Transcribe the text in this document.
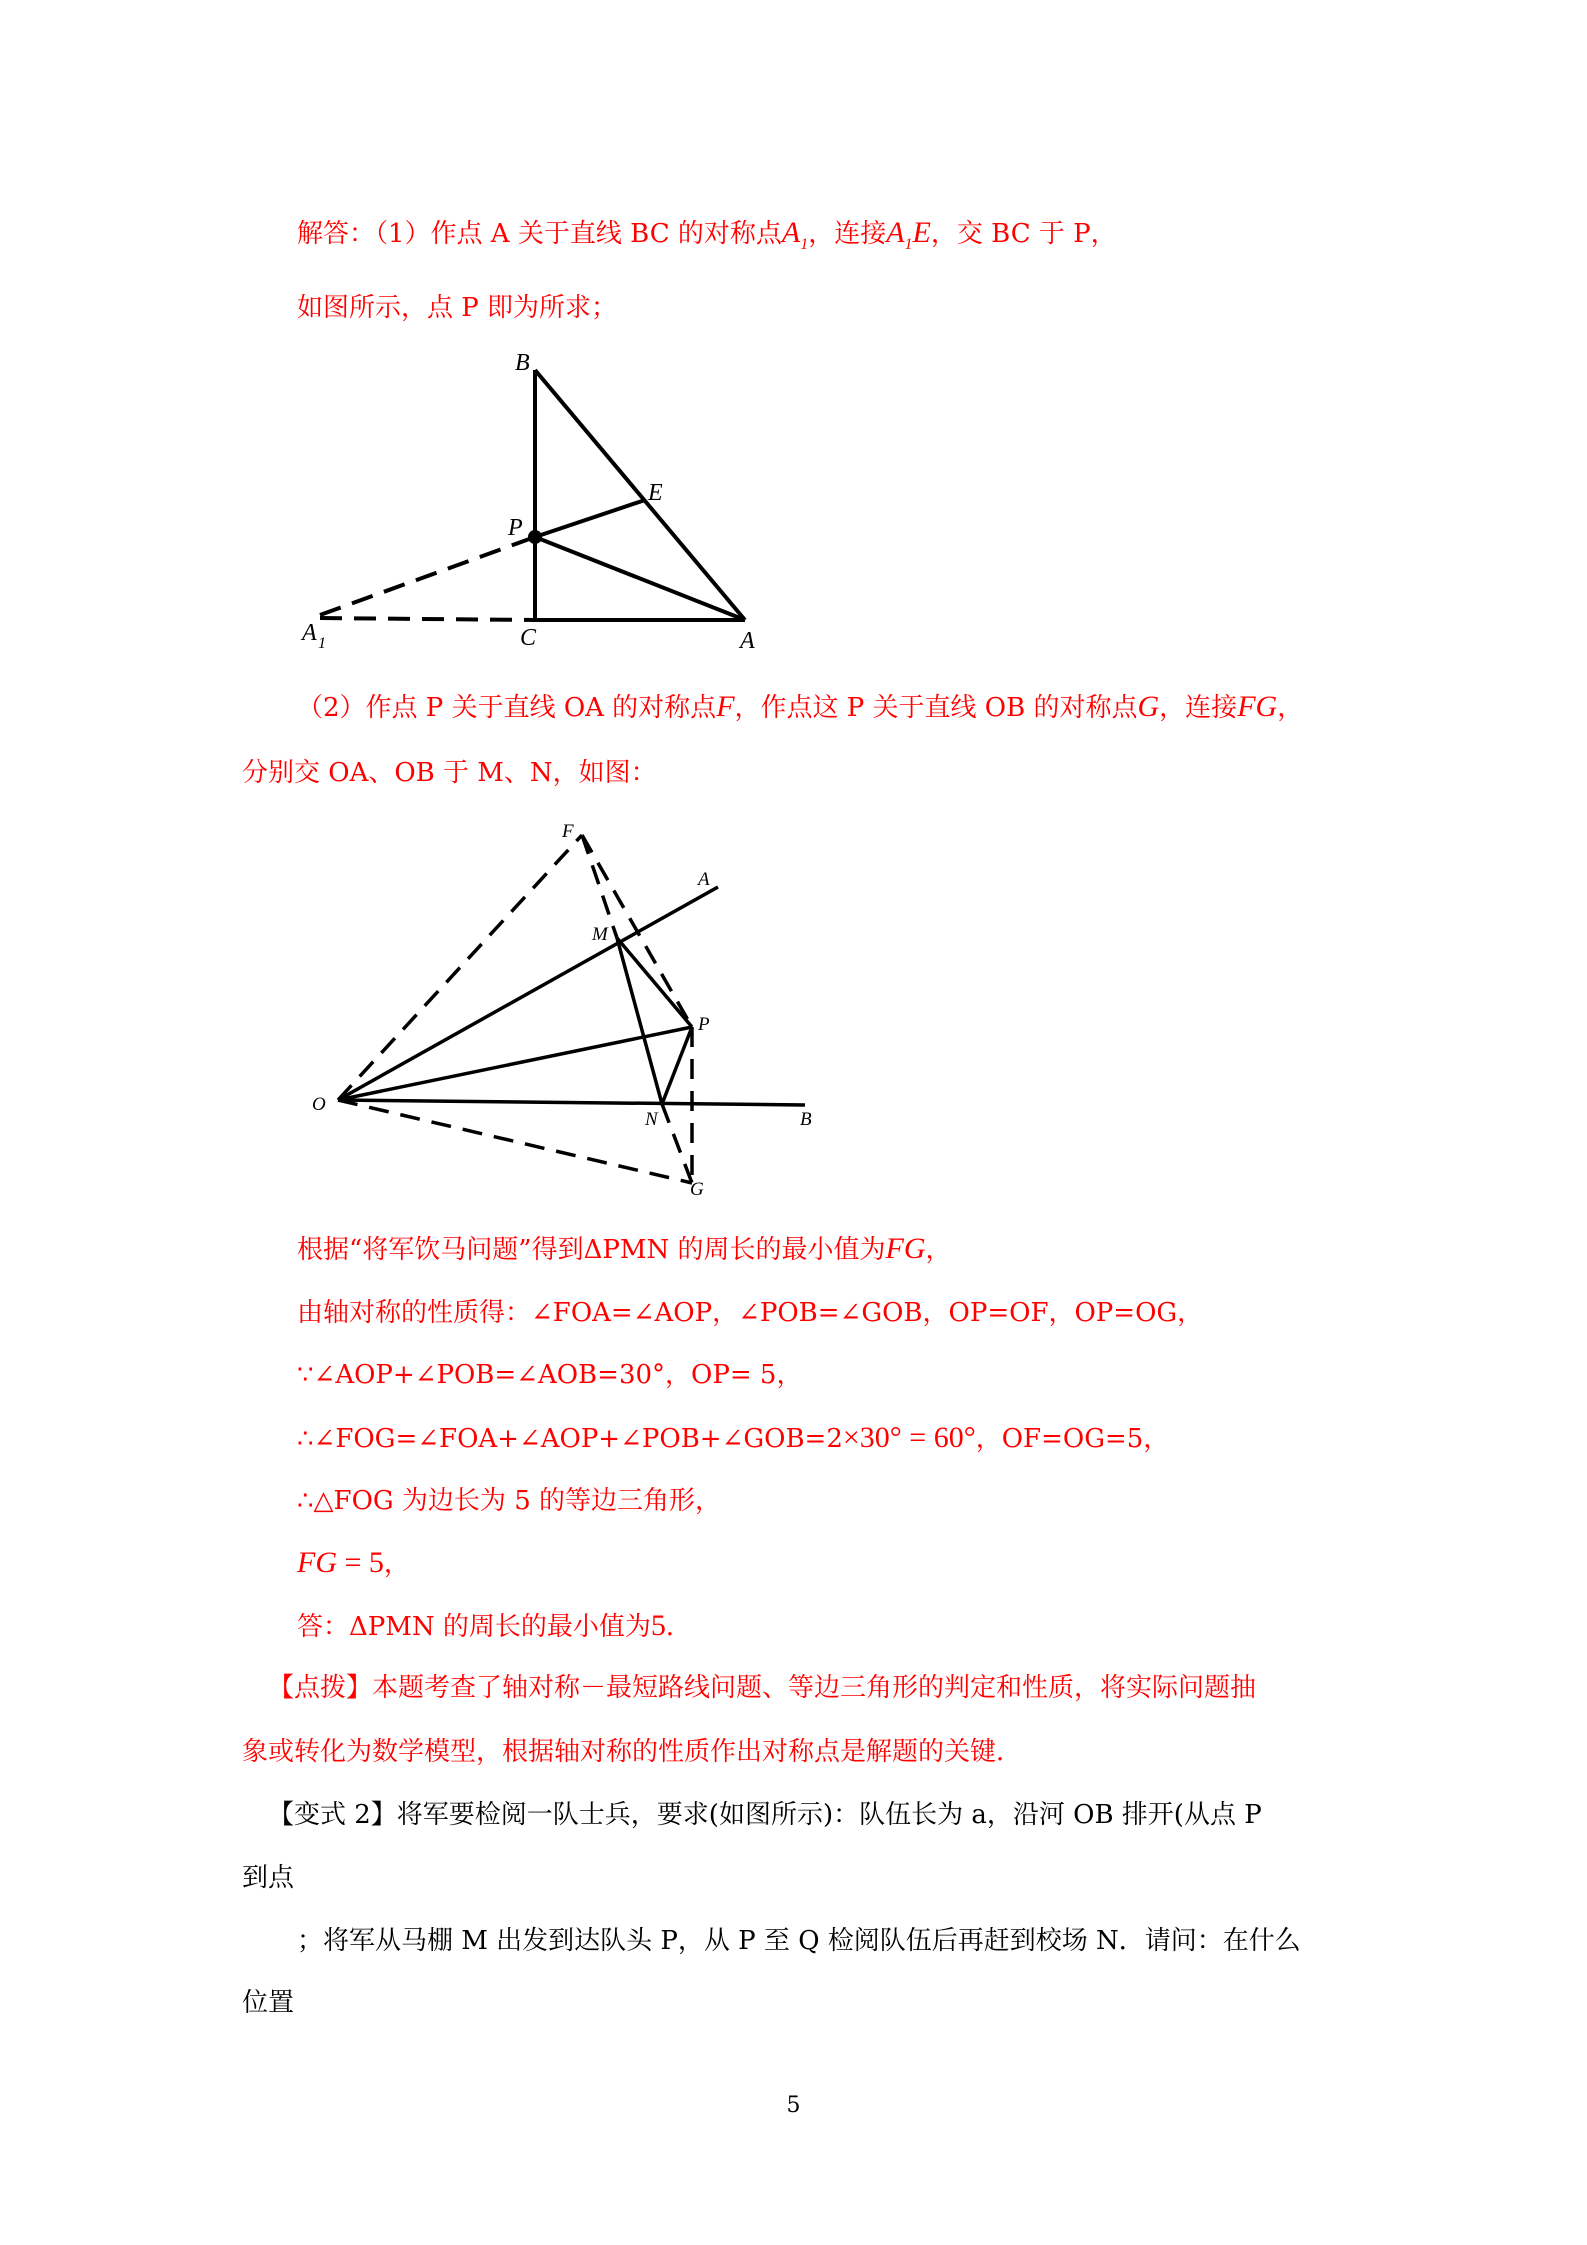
解答：（1）作点 A 关于直线 BC 的对称点$A_1$，连接$A_1E$，交 BC 于 P，
如图所示，点 P 即为所求；
B
E
P
A 1	C	A
（2）作点 P 关于直线 OA 的对称点F，作点这 P 关于直线 OB 的对称点G，连接FG，
分别交 OA、OB 于 M、N，如图：
F
A
M
P
O
N	B
G
根据“将军饮马问题”得到ΔPMN 的周长的最小值为FG，
由轴对称的性质得：∠FOA=∠AOP，∠POB=∠GOB，OP=OF，OP=OG，
∵∠AOP+∠POB=∠AOB=30°，OP= 5，
∴∠FOG=∠FOA+∠AOP+∠POB+∠GOB=2×30° = 60°，OF=OG=5，
∴△FOG 为边长为 5 的等边三角形，
FG = 5，
答：ΔPMN 的周长的最小值为5．
【点拨】本题考查了轴对称－最短路线问题、等边三角形的判定和性质，将实际问题抽
象或转化为数学模型，根据轴对称的性质作出对称点是解题的关键．
【变式 2】将军要检阅一队士兵，要求(如图所示)：队伍长为 a，沿河 OB 排开(从点 P
到点
；将军从马棚 M 出发到达队头 P，从 P 至 Q 检阅队伍后再赶到校场 N．请问：在什么
位置
5
